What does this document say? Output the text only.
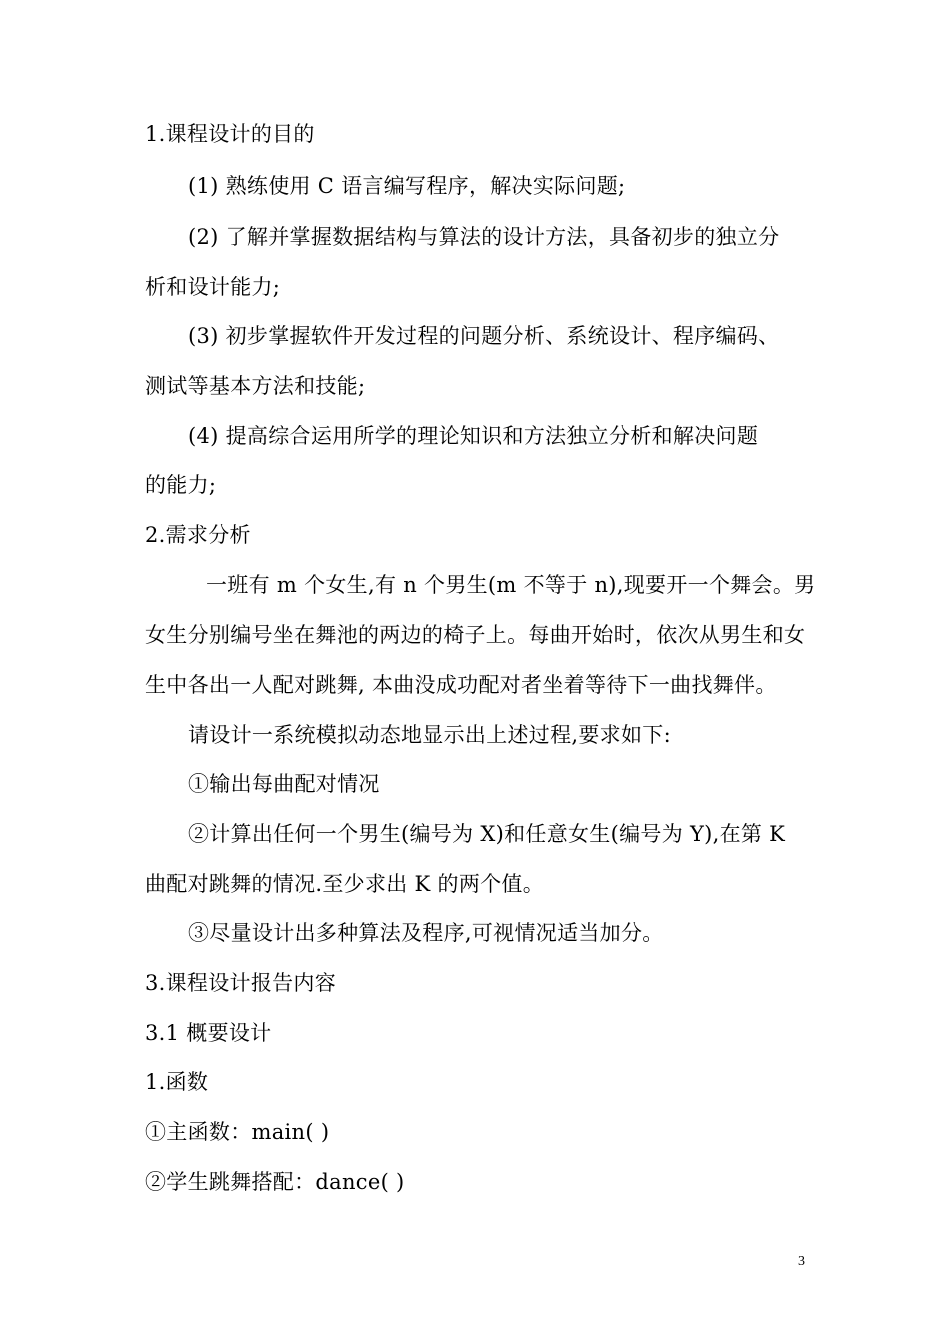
1.课程设计的目的
(1) 熟练使用 C 语言编写程序，解决实际问题;
(2) 了解并掌握数据结构与算法的设计方法，具备初步的独立分
析和设计能力;
(3) 初步掌握软件开发过程的问题分析、系统设计、程序编码、
测试等基本方法和技能;
(4) 提高综合运用所学的理论知识和方法独立分析和解决问题
的能力;
2.需求分析
一班有 m 个女生,有 n 个男生(m 不等于 n),现要开一个舞会。男
女生分别编号坐在舞池的两边的椅子上。每曲开始时，依次从男生和女
生中各出一人配对跳舞, 本曲没成功配对者坐着等待下一曲找舞伴。
请设计一系统模拟动态地显示出上述过程,要求如下:
①输出每曲配对情况
②计算出任何一个男生(编号为 X)和任意女生(编号为 Y),在第 K
曲配对跳舞的情况.至少求出 K 的两个值。
③尽量设计出多种算法及程序,可视情况适当加分。
3.课程设计报告内容
3.1 概要设计
1.函数
①主函数：main( )
②学生跳舞搭配：dance( )
3
